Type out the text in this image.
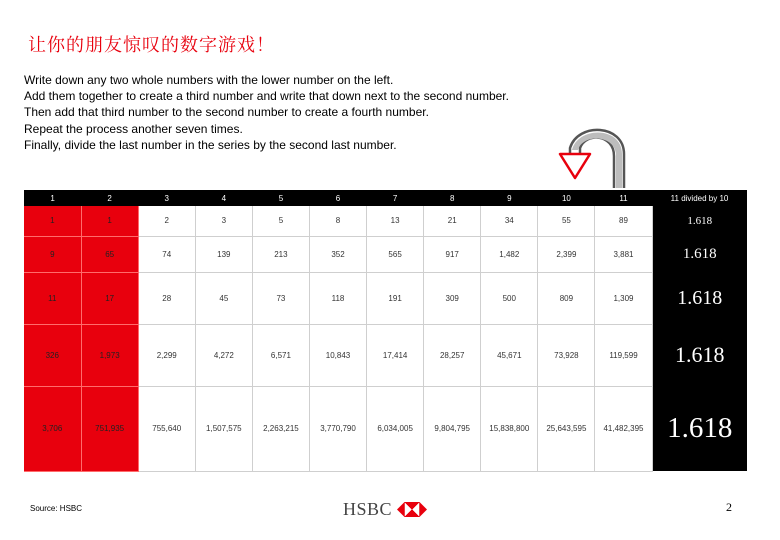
让你的朋友惊叹的数字游戏！
Write down any two whole numbers with the lower number on the left.
Add them together to create a third number and write that down next to the second number.
Then add that third number to the second number to create a fourth number.
Repeat the process another seven times.
Finally, divide the last number in the series by the second last number.
1	2	3	4	5	6	7	8	9	10	11	11 divided by 10
1	1	2	3	5	8	13	21	34	55	89	1.618
9	65	74	139	213	352	565	917	1,482	2,399	3,881	1.618
11	17	28	45	73	118	191	309	500	809	1,309	1.618
326	1,973	2,299	4,272	6,571	10,843	17,414	28,257	45,671	73,928	119,599	1.618
3,706	751,935	755,640	1,507,575	2,263,215	3,770,790	6,034,005	9,804,795	15,838,800	25,643,595	41,482,395	1.618
Source: HSBC	HSBC	2
